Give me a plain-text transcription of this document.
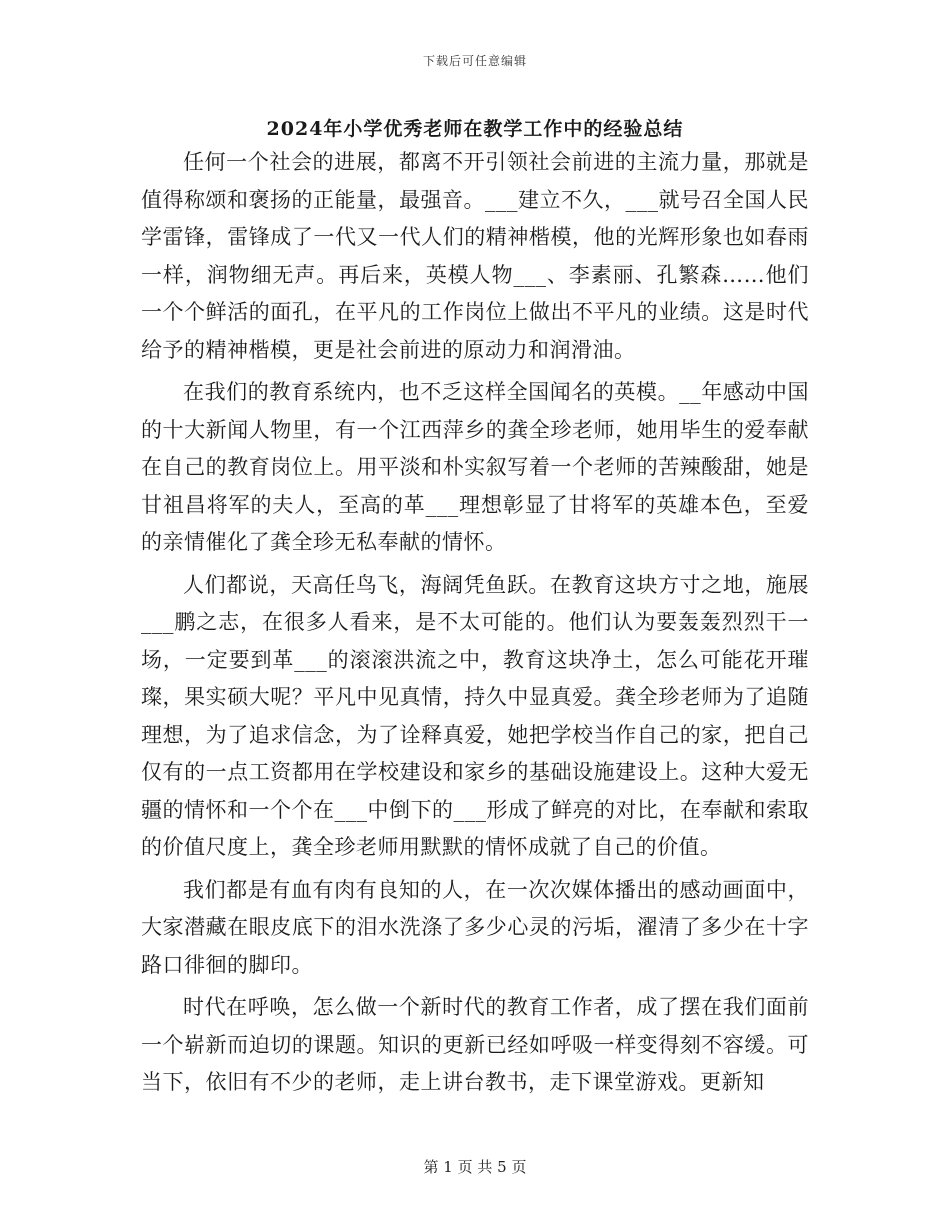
下载后可任意编辑
2024年小学优秀老师在教学工作中的经验总结

任何一个社会的进展，都离不开引领社会前进的主流力量，那就是值得称颂和褒扬的正能量，最强音。___建立不久，___就号召全国人民学雷锋，雷锋成了一代又一代人们的精神楷模，他的光辉形象也如春雨一样，润物细无声。再后来，英模人物___、李素丽、孔繁森……他们一个个鲜活的面孔，在平凡的工作岗位上做出不平凡的业绩。这是时代给予的精神楷模，更是社会前进的原动力和润滑油。

在我们的教育系统内，也不乏这样全国闻名的英模。__年感动中国的十大新闻人物里，有一个江西萍乡的龚全珍老师，她用毕生的爱奉献在自己的教育岗位上。用平淡和朴实叙写着一个老师的苦辣酸甜，她是甘祖昌将军的夫人，至高的革___理想彰显了甘将军的英雄本色，至爱的亲情催化了龚全珍无私奉献的情怀。

人们都说，天高任鸟飞，海阔凭鱼跃。在教育这块方寸之地，施展___鹏之志，在很多人看来，是不太可能的。他们认为要轰轰烈烈干一场，一定要到革___的滚滚洪流之中，教育这块净土，怎么可能花开璀璨，果实硕大呢？平凡中见真情，持久中显真爱。龚全珍老师为了追随理想，为了追求信念，为了诠释真爱，她把学校当作自己的家，把自己仅有的一点工资都用在学校建设和家乡的基础设施建设上。这种大爱无疆的情怀和一个个在___中倒下的___形成了鲜亮的对比，在奉献和索取的价值尺度上，龚全珍老师用默默的情怀成就了自己的价值。

我们都是有血有肉有良知的人，在一次次媒体播出的感动画面中，大家潜藏在眼皮底下的泪水洗涤了多少心灵的污垢，濯清了多少在十字路口徘徊的脚印。

时代在呼唤，怎么做一个新时代的教育工作者，成了摆在我们面前一个崭新而迫切的课题。知识的更新已经如呼吸一样变得刻不容缓。可当下，依旧有不少的老师，走上讲台教书，走下课堂游戏。更新知

第 1 页 共 5 页
